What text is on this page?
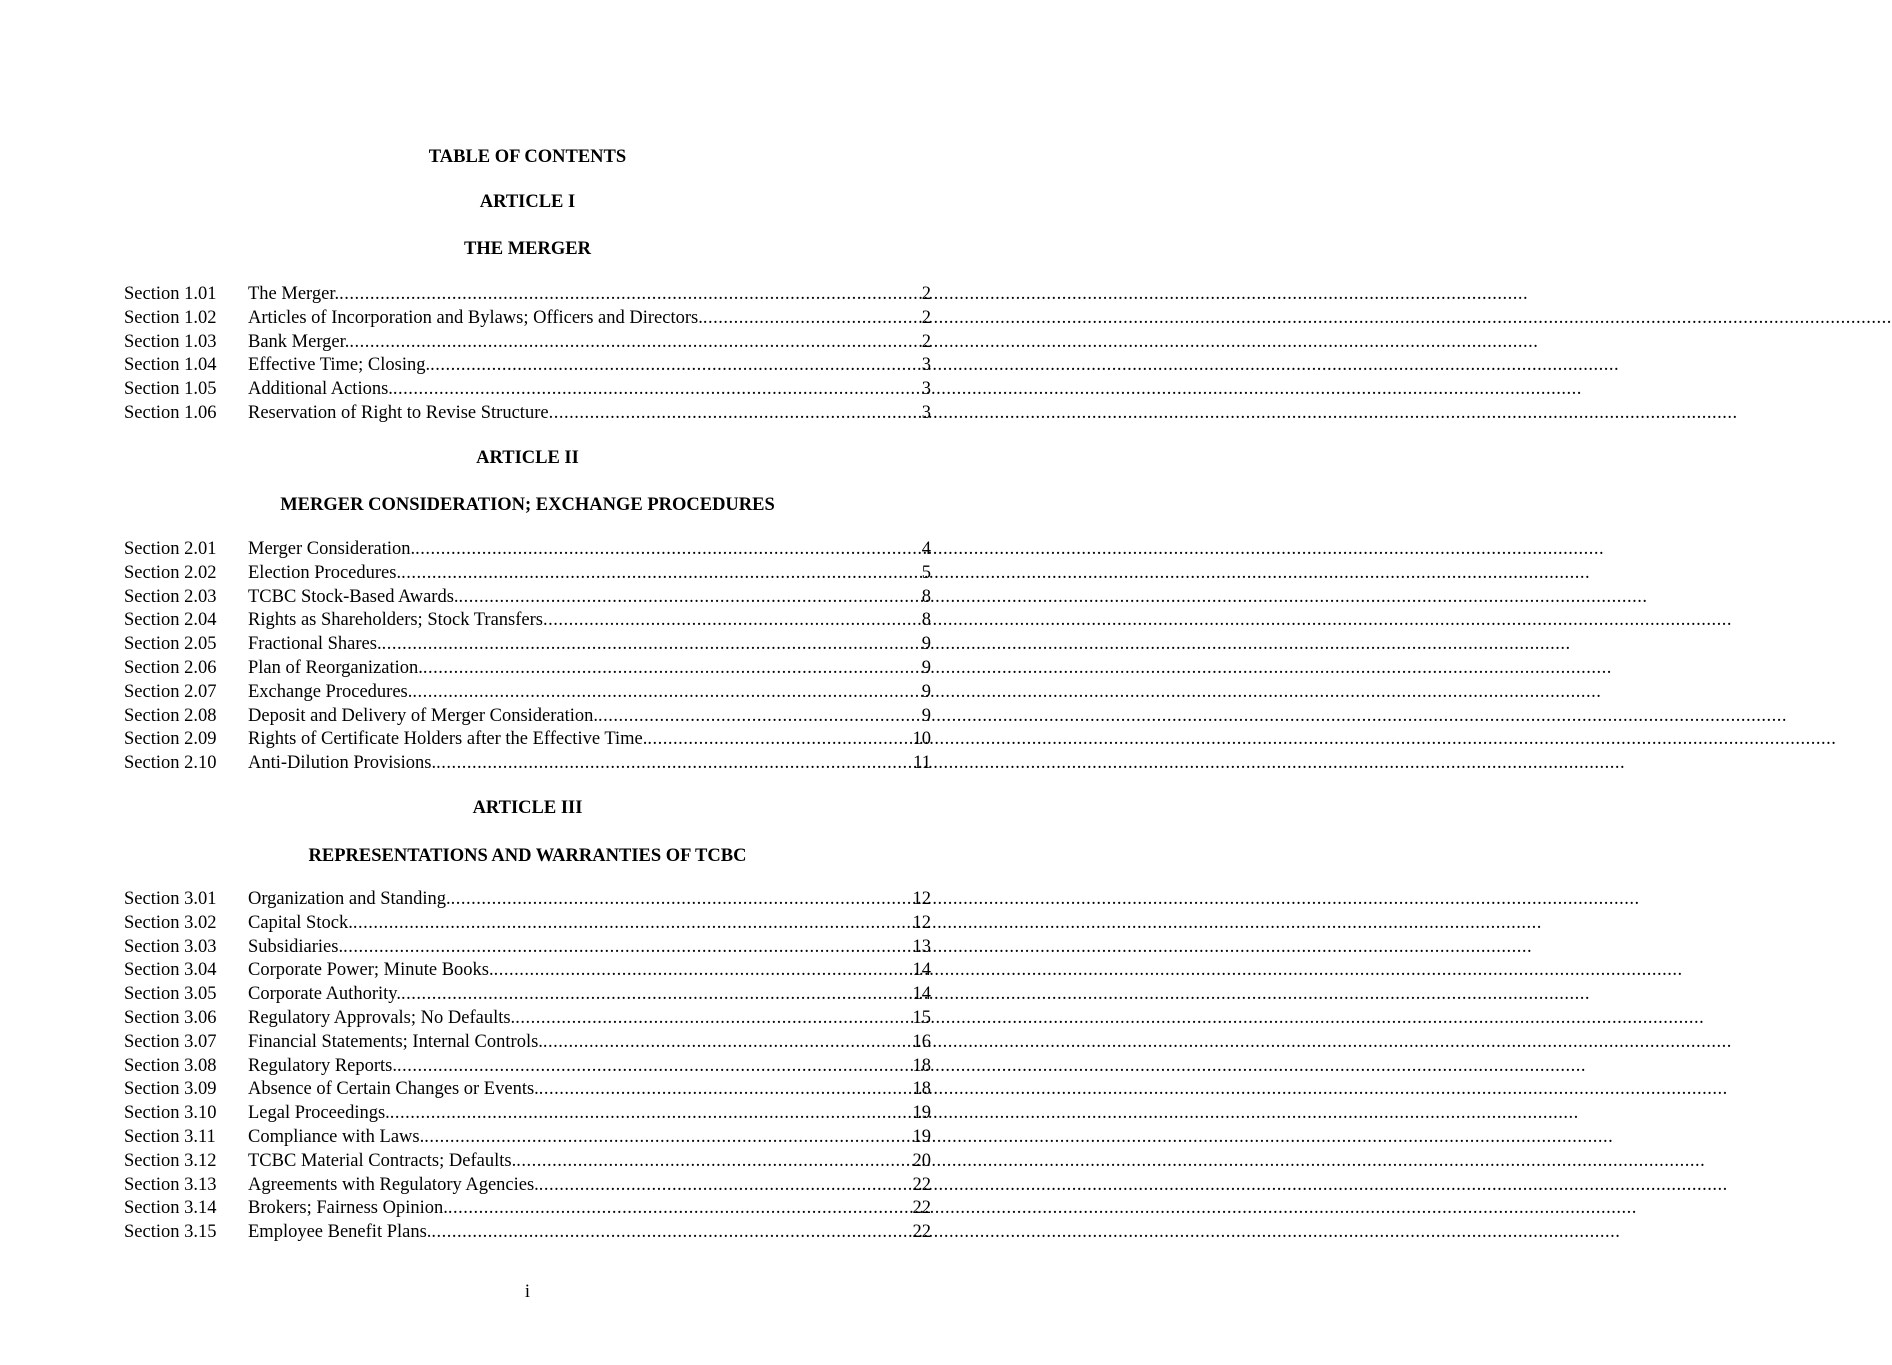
TABLE OF CONTENTS
ARTICLE I
THE MERGER
Section 1.01	The Merger. .....	2
Section 1.02	Articles of Incorporation and Bylaws; Officers and Directors. .....	2
Section 1.03	Bank Merger. .....	2
Section 1.04	Effective Time; Closing. .....	3
Section 1.05	Additional Actions. .....	3
Section 1.06	Reservation of Right to Revise Structure .....	3
ARTICLE II
MERGER CONSIDERATION; EXCHANGE PROCEDURES
Section 2.01	Merger Consideration. .....	4
Section 2.02	Election Procedures. .....	5
Section 2.03	TCBC Stock-Based Awards. .....	8
Section 2.04	Rights as Shareholders; Stock Transfers .....	8
Section 2.05	Fractional Shares. .....	9
Section 2.06	Plan of Reorganization. .....	9
Section 2.07	Exchange Procedures. .....	9
Section 2.08	Deposit and Delivery of Merger Consideration. .....	9
Section 2.09	Rights of Certificate Holders after the Effective Time. .....	10
Section 2.10	Anti-Dilution Provisions. .....	11
ARTICLE III
REPRESENTATIONS AND WARRANTIES OF TCBC
Section 3.01	Organization and Standing. .....	12
Section 3.02	Capital Stock. .....	12
Section 3.03	Subsidiaries. .....	13
Section 3.04	Corporate Power; Minute Books. .....	14
Section 3.05	Corporate Authority. .....	14
Section 3.06	Regulatory Approvals; No Defaults. .....	15
Section 3.07	Financial Statements; Internal Controls. .....	16
Section 3.08	Regulatory Reports. .....	18
Section 3.09	Absence of Certain Changes or Events. .....	18
Section 3.10	Legal Proceedings. .....	19
Section 3.11	Compliance with Laws. .....	19
Section 3.12	TCBC Material Contracts; Defaults. .....	20
Section 3.13	Agreements with Regulatory Agencies. .....	22
Section 3.14	Brokers; Fairness Opinion. .....	22
Section 3.15	Employee Benefit Plans. .....	22
i
